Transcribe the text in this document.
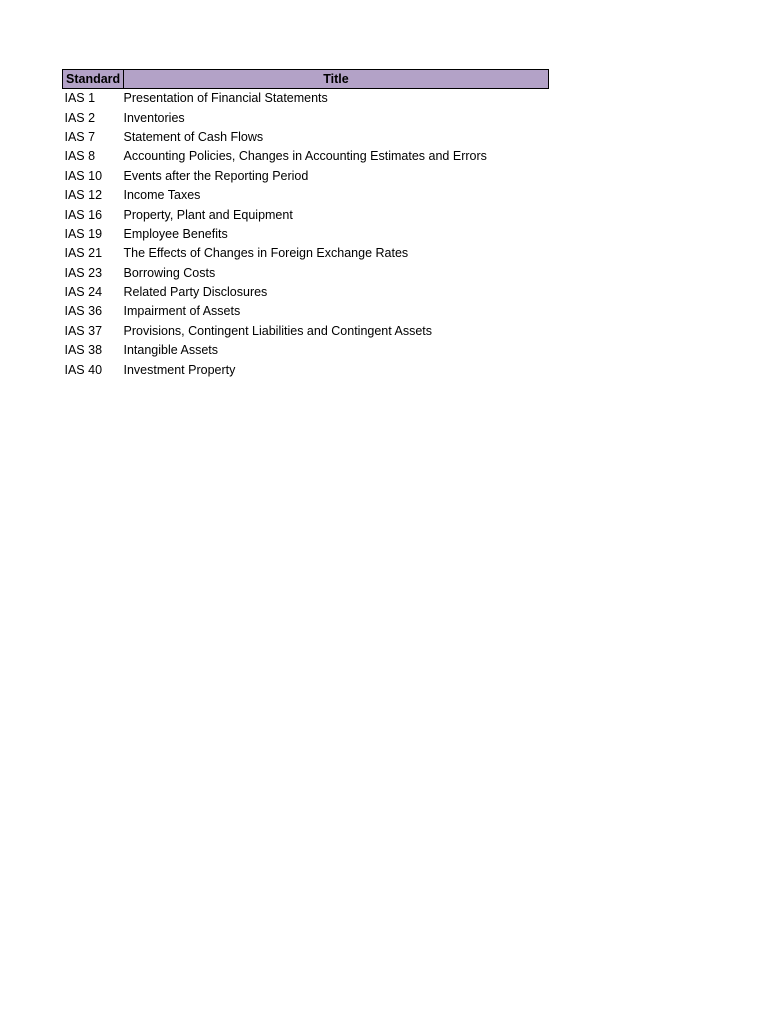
Standard	Title
IAS 1	Presentation of Financial Statements
IAS 2	Inventories
IAS 7	Statement of Cash Flows
IAS 8	Accounting Policies, Changes in Accounting Estimates and Errors
IAS 10	Events after the Reporting Period
IAS 12	Income Taxes
IAS 16	Property, Plant and Equipment
IAS 19	Employee Benefits
IAS 21	The Effects of Changes in Foreign Exchange Rates
IAS 23	Borrowing Costs
IAS 24	Related Party Disclosures
IAS 36	Impairment of Assets
IAS 37	Provisions, Contingent Liabilities and Contingent Assets
IAS 38	Intangible Assets
IAS 40	Investment Property
